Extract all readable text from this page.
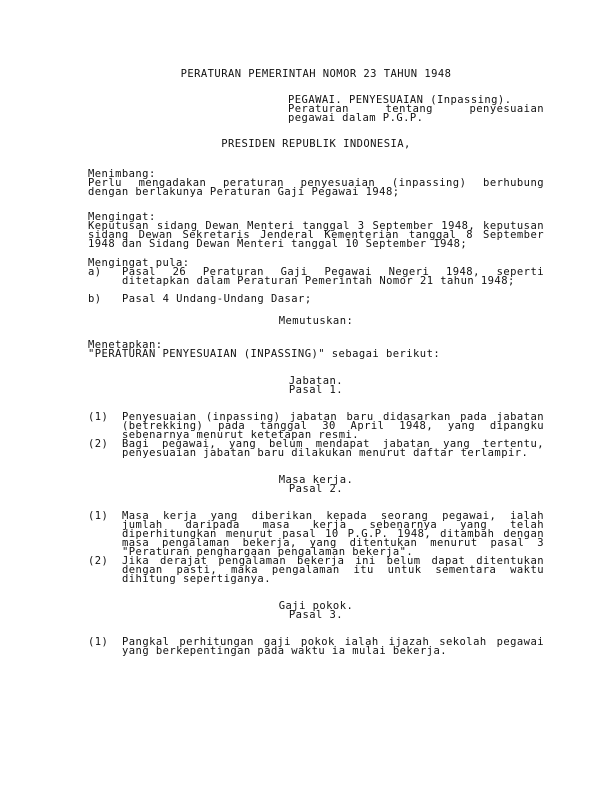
PERATURAN PEMERINTAH NOMOR 23 TAHUN 1948
PEGAWAI. PENYESUAIAN (Inpassing).
Peraturan tentang penyesuaian
pegawai dalam P.G.P.
PRESIDEN REPUBLIK INDONESIA,
Menimbang:
Perlu mengadakan peraturan penyesuaian (inpassing) berhubung
dengan berlakunya Peraturan Gaji Pegawai 1948;
Mengingat:
Keputusan sidang Dewan Menteri tanggal 3 September 1948, keputusan
sidang Dewan Sekretaris Jenderal Kementerian tanggal 8 September
1948 dan Sidang Dewan Menteri tanggal 10 September 1948;
Mengingat pula:
a) Pasal 26 Peraturan Gaji Pegawai Negeri 1948, seperti
ditetapkan dalam Peraturan Pemerintah Nomor 21 tahun 1948;
b) Pasal 4 Undang-Undang Dasar;
Memutuskan:
Menetapkan:
"PERATURAN PENYESUAIAN (INPASSING)" sebagai berikut:
Jabatan.
Pasal 1.
(1) Penyesuaian (inpassing) jabatan baru didasarkan pada jabatan
(betrekking) pada tanggal 30 April 1948, yang dipangku
sebenarnya menurut ketetapan resmi.
(2) Bagi pegawai, yang belum mendapat jabatan yang tertentu,
penyesuaian jabatan baru dilakukan menurut daftar terlampir.
Masa kerja.
Pasal 2.
(1) Masa kerja yang diberikan kepada seorang pegawai, ialah
jumlah daripada masa kerja sebenarnya yang telah
diperhitungkan menurut pasal 10 P.G.P. 1948, ditambah dengan
masa pengalaman bekerja, yang ditentukan menurut pasal 3
"Peraturan penghargaan pengalaman bekerja".
(2) Jika derajat pengalaman bekerja ini belum dapat ditentukan
dengan pasti, maka pengalaman itu untuk sementara waktu
dihitung sepertiganya.
Gaji pokok.
Pasal 3.
(1) Pangkal perhitungan gaji pokok ialah ijazah sekolah pegawai
yang berkepentingan pada waktu ia mulai bekerja.
